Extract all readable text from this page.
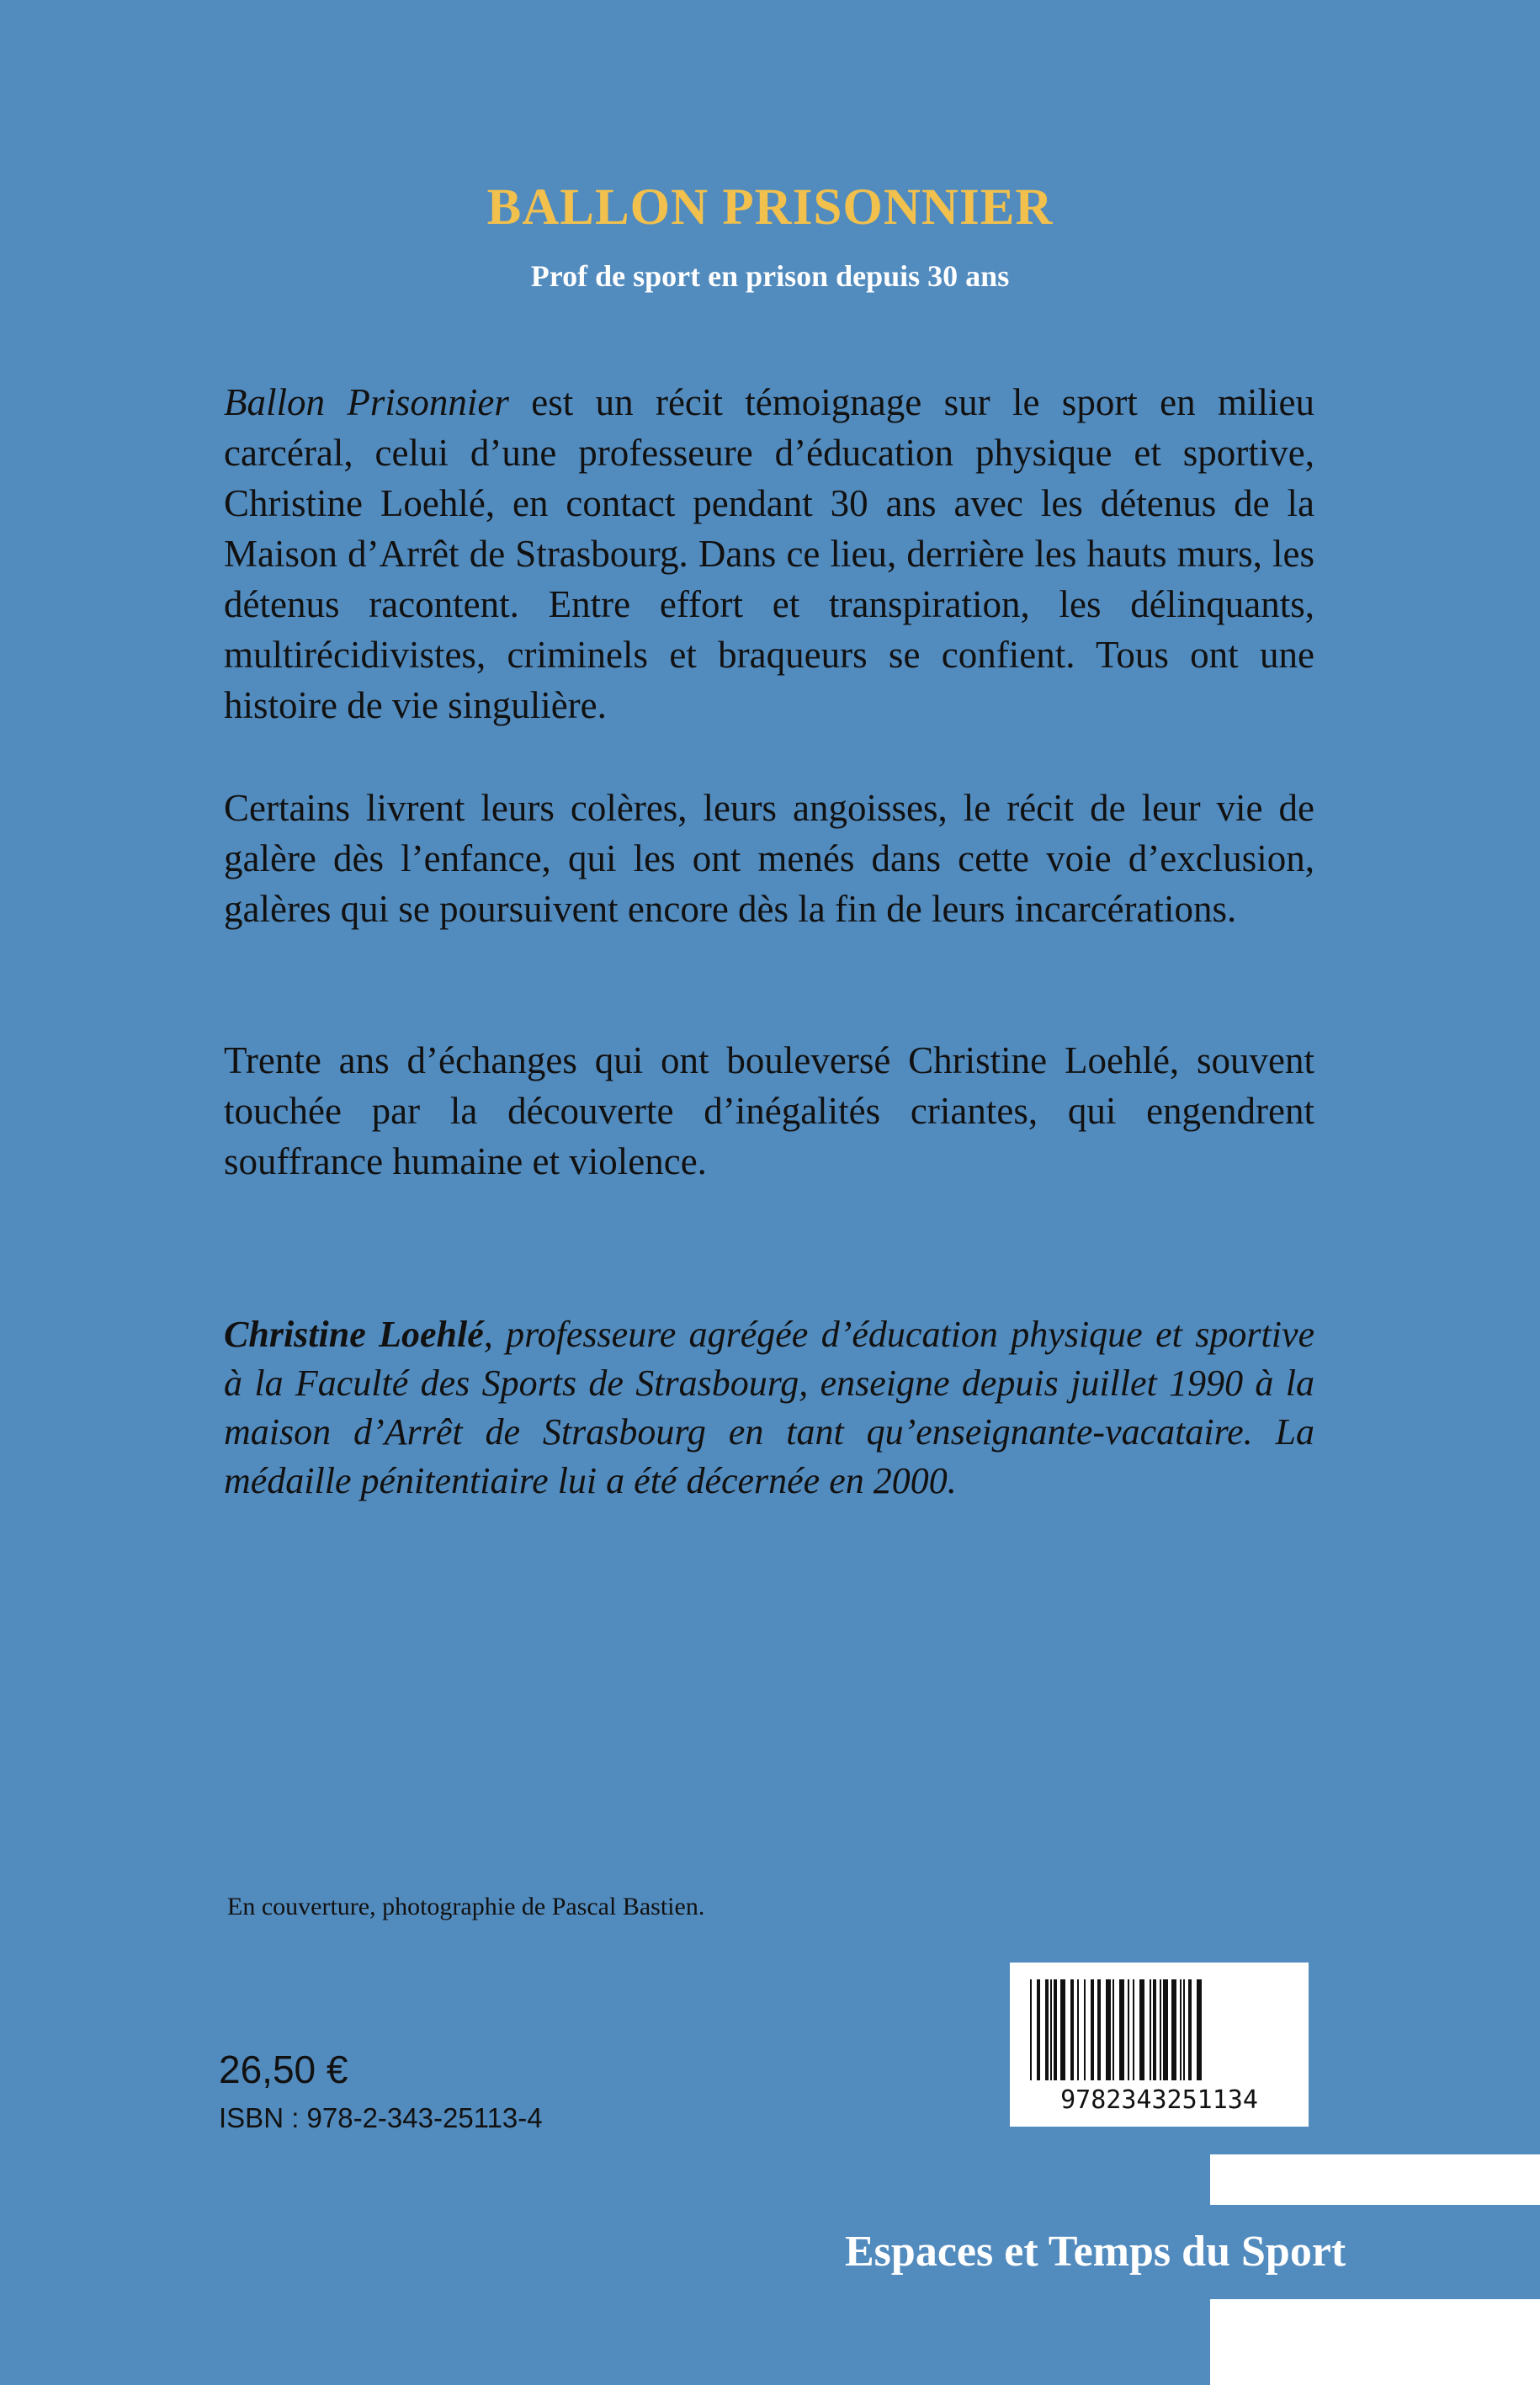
BALLON PRISONNIER
Prof de sport en prison depuis 30 ans

Ballon Prisonnier est un récit témoignage sur le sport en milieu carcéral, celui d’une professeure d’éducation physique et sportive, Christine Loehlé, en contact pendant 30 ans avec les détenus de la Maison d’Arrêt de Strasbourg. Dans ce lieu, derrière les hauts murs, les détenus racontent. Entre effort et transpiration, les délinquants, multirécidivistes, criminels et braqueurs se confient. Tous ont une histoire de vie singulière.

Certains livrent leurs colères, leurs angoisses, le récit de leur vie de galère dès l’enfance, qui les ont menés dans cette voie d’exclusion, galères qui se poursuivent encore dès la fin de leurs incarcérations.

Trente ans d’échanges qui ont bouleversé Christine Loehlé, souvent touchée par la découverte d’inégalités criantes, qui engendrent souffrance humaine et violence.

Christine Loehlé, professeure agrégée d’éducation physique et sportive à la Faculté des Sports de Strasbourg, enseigne depuis juillet 1990 à la maison d’Arrêt de Strasbourg en tant qu’enseignante-vacataire. La médaille pénitentiaire lui a été décernée en 2000.

En couverture, photographie de Pascal Bastien.

26,50 €

ISBN : 978-2-343-25113-4

9782343251134
Espaces et Temps du Sport
